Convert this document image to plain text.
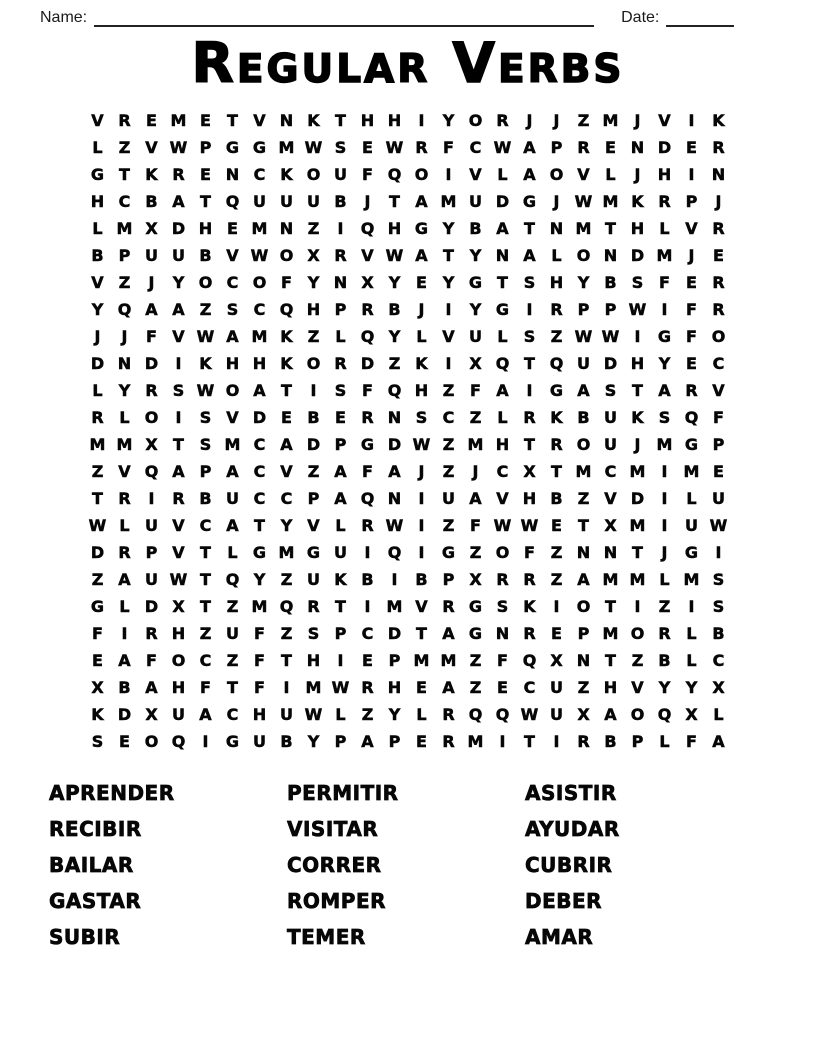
Name:	Date:
Regular Verbs
V R E M E	T V N K T H H	I	Y O R	J	J	Z M	J	V	I	K
L	Z V W P G G M W S E W R F C W A P R E N D E R
G T K R E N C K O U F Q O	I	V L A O V L	J	H	I	N
H C B A T Q U U U B	J	T A M U D G	J W M K R P	J
L M X D H E M N Z	I	Q H G Y B A T N M T H L V R
B P U U B V W O X R V W A T Y N A L O N D M	J	E
V Z	J	Y O C O F Y N X Y E Y G T S H Y B S F	E R
Y Q A A Z S C Q H P R B	J	I	Y G	I	R P P W I	F R
J	J	F V W A M K Z	L Q Y	L V U L	S Z W W I	G F O
D N D	I	K H H K O R D Z K	I	X Q T Q U D H Y E C
L	Y R S W O A T	I	S F Q H Z F A	I	G A S T A R V
R L O	I	S V D E B E R N S C Z	L R K B U K S Q F
M M X T S M C A D P G D W Z M H T R O U	J	M G P
Z V Q A P A C V Z A F A	J	Z	J	C X T M C M	I	M E
T R	I	R B U C C P A Q N	I	U A V H B Z V D	I	L U
W L U V C A T Y V L R W I	Z F W W E	T X M	I	U W
D R P V T	L G M G U	I	Q	I	G Z O F Z N N T	J	G	I
Z A U W T Q Y Z U K B	I	B P X R R Z A M M L M S
G L D X T Z M Q R T	I	M V R G S K	I	O T	I	Z	I	S
F	I	R H Z U F Z S P C D T A G N R E P M O R L B
E A F O C Z F	T H	I	E P M M Z F Q X N T Z B L	C
X B A H F	T	F	I	M W R H E A Z E C U Z H V Y Y X
K D X U A C H U W L	Z Y	L R Q Q W U X A O Q X L
S E O Q	I	G U B Y P A P E R M	I	T	I	R B P	L	F A
APRENDER
RECIBIR
BAILAR
GASTAR
SUBIR
PERMITIR
VISITAR
CORRER
ROMPER
TEMER
ASISTIR
AYUDAR
CUBRIR
DEBER
AMAR
